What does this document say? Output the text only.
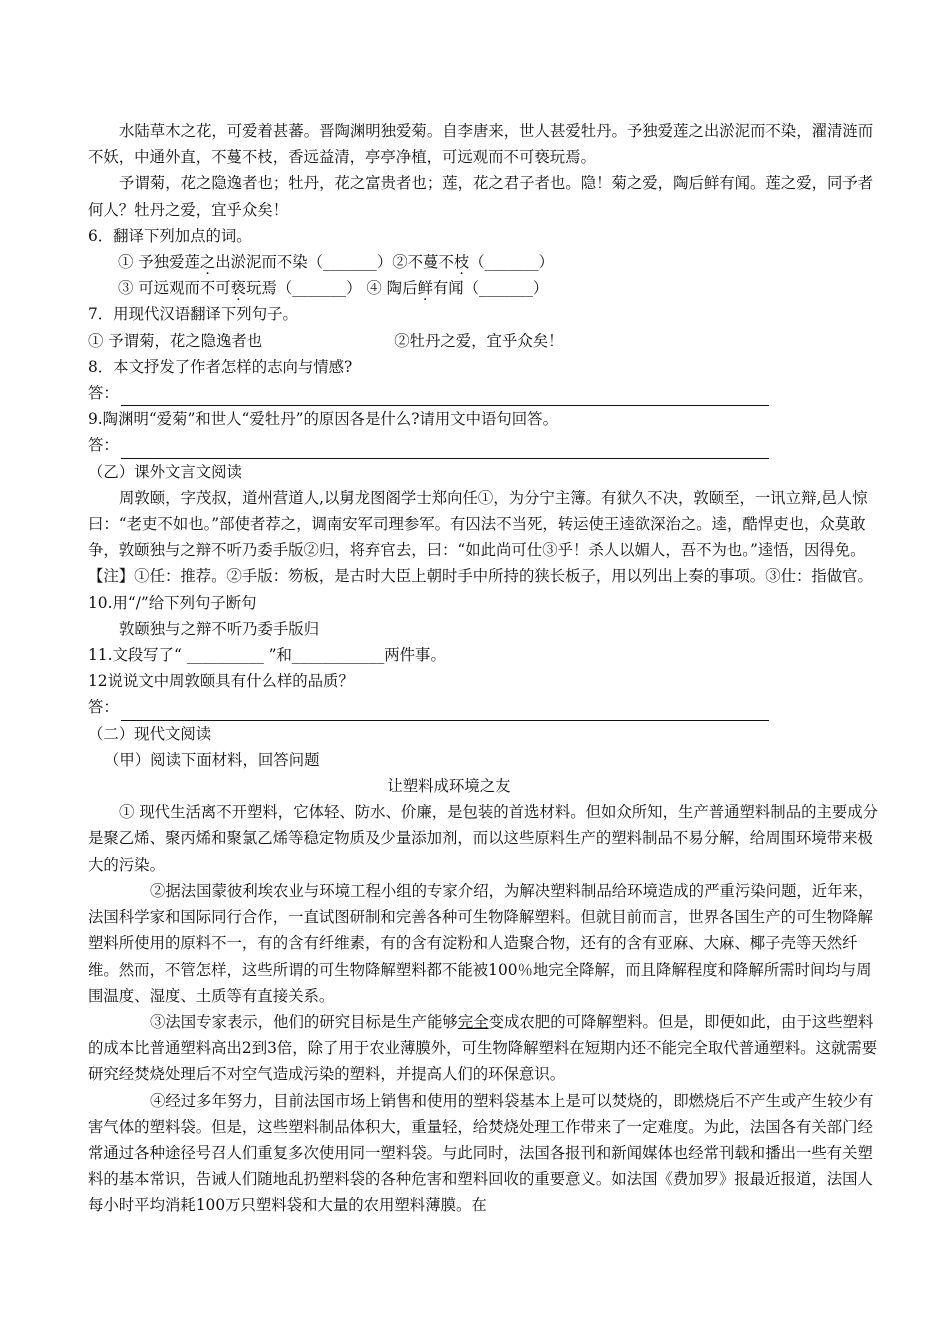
水陆草木之花，可爱着甚蕃。晋陶渊明独爱菊。自李唐来，世人甚爱牡丹。予独爱莲之出淤泥而不染，濯清涟而不妖，中通外直，不蔓不枝，香远益清，亭亭净植，可远观而不可亵玩焉。

予谓菊，花之隐逸者也；牡丹，花之富贵者也；莲，花之君子者也。隐！菊之爱，陶后鲜有闻。莲之爱，同予者何人？牡丹之爱，宜乎众矣！

6．翻译下列加点的词。

① 予独爱莲之出淤泥而不染（_______）②不蔓不枝（_______）

③ 可远观而不可亵玩焉（_______） ④ 陶后鲜有闻（_______）

7．用现代汉语翻译下列句子。

① 予谓菊，花之隐逸者也	②牡丹之爱，宜乎众矣！

8．本文抒发了作者怎样的志向与情感?

答：

9.陶渊明“爱菊”和世人“爱牡丹”的原因各是什么?请用文中语句回答。

答：

（乙）课外文言文阅读

周敦颐，字茂叔，道州营道人,以舅龙图阁学士郑向任①，为分宁主簿。有狱久不决，敦颐至，一讯立辩,邑人惊曰：“老吏不如也。”部使者荐之，调南安军司理参军。有囚法不当死，转运使王逵欲深治之。逵，酷悍吏也，众莫敢争，敦颐独与之辩不听乃委手版②归，将弃官去，曰：“如此尚可仕③乎！杀人以媚人，吾不为也。”逵悟，因得免。

【注】①任：推荐。②手版：笏板，是古时大臣上朝时手中所持的狭长板子，用以列出上奏的事项。③仕：指做官。

10.用“/”给下列句子断句

敦颐独与之辩不听乃委手版归

11.文段写了“ __________ ”和____________两件事。

12说说文中周敦颐具有什么样的品质？

答：

（二）现代文阅读

（甲）阅读下面材料，回答问题

让塑料成环境之友

① 现代生活离不开塑料，它体轻、防水、价廉，是包装的首选材料。但如众所知，生产普通塑料制品的主要成分是聚乙烯、聚丙烯和聚氯乙烯等稳定物质及少量添加剂，而以这些原料生产的塑料制品不易分解，给周围环境带来极大的污染。

②据法国蒙彼利埃农业与环境工程小组的专家介绍，为解决塑料制品给环境造成的严重污染问题，近年来，法国科学家和国际同行合作，一直试图研制和完善各种可生物降解塑料。但就目前而言，世界各国生产的可生物降解塑料所使用的原料不一，有的含有纤维素，有的含有淀粉和人造聚合物，还有的含有亚麻、大麻、椰子壳等天然纤维。然而，不管怎样，这些所谓的可生物降解塑料都不能被100％地完全降解，而且降解程度和降解所需时间均与周围温度、湿度、土质等有直接关系。

③法国专家表示，他们的研究目标是生产能够完全变成农肥的可降解塑料。但是，即便如此，由于这些塑料的成本比普通塑料高出2到3倍，除了用于农业薄膜外，可生物降解塑料在短期内还不能完全取代普通塑料。这就需要研究经焚烧处理后不对空气造成污染的塑料，并提高人们的环保意识。

④经过多年努力，目前法国市场上销售和使用的塑料袋基本上是可以焚烧的，即燃烧后不产生或产生较少有害气体的塑料袋。但是，这些塑料制品体积大，重量轻，给焚烧处理工作带来了一定难度。为此，法国各有关部门经常通过各种途径号召人们重复多次使用同一塑料袋。与此同时，法国各报刊和新闻媒体也经常刊载和播出一些有关塑料的基本常识，告诫人们随地乱扔塑料袋的各种危害和塑料回收的重要意义。如法国《费加罗》报最近报道，法国人每小时平均消耗100万只塑料袋和大量的农用塑料薄膜。在
